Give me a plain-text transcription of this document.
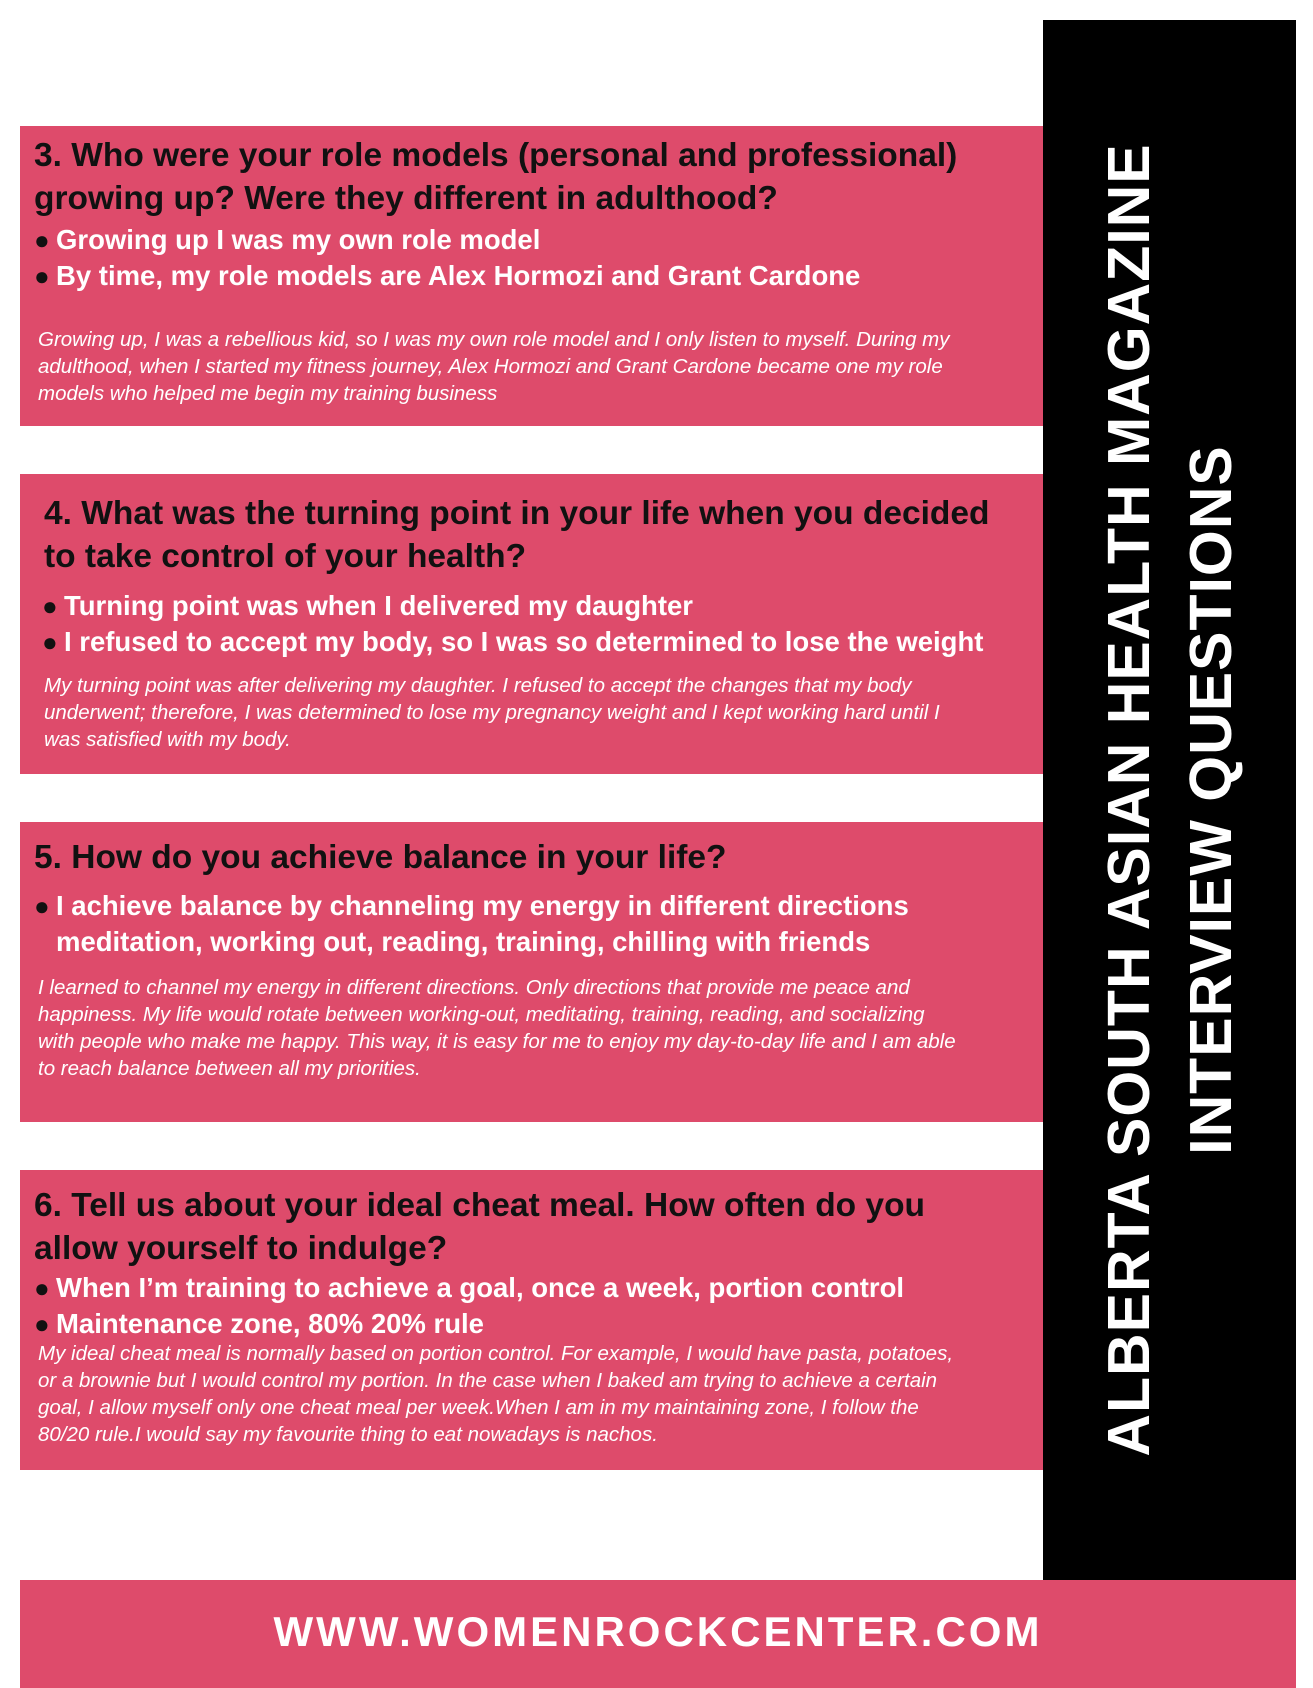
3. Who were your role models (personal and professional) growing up? Were they different in adulthood?
● Growing up I was my own role model
● By time, my role models are Alex Hormozi and Grant Cardone

Growing up, I was a rebellious kid, so I was my own role model and I only listen to myself. During my adulthood, when I started my fitness journey, Alex Hormozi and Grant Cardone became one my role models who helped me begin my training business

4. What was the turning point in your life when you decided to take control of your health?
● Turning point was when I delivered my daughter
● I refused to accept my body, so I was so determined to lose the weight

My turning point was after delivering my daughter. I refused to accept the changes that my body underwent; therefore, I was determined to lose my pregnancy weight and I kept working hard until I was satisfied with my body.

5. How do you achieve balance in your life?
● I achieve balance by channeling my energy in different directions meditation, working out, reading, training, chilling with friends

I learned to channel my energy in different directions. Only directions that provide me peace and happiness. My life would rotate between working-out, meditating, training, reading, and socializing with people who make me happy. This way, it is easy for me to enjoy my day-to-day life and I am able to reach balance between all my priorities.

6. Tell us about your ideal cheat meal. How often do you allow yourself to indulge?
● When I’m training to achieve a goal, once a week, portion control
● Maintenance zone, 80% 20% rule

My ideal cheat meal is normally based on portion control. For example, I would have pasta, potatoes, or a brownie but I would control my portion. In the case when I baked am trying to achieve a certain goal, I allow myself only one cheat meal per week.When I am in my maintaining zone, I follow the 80/20 rule.I would say my favourite thing to eat nowadays is nachos.	ALBERTA SOUTH ASIAN HEALTH MAGAZINE INTERVIEW QUESTIONS
WWW.WOMENROCKCENTER.COM
